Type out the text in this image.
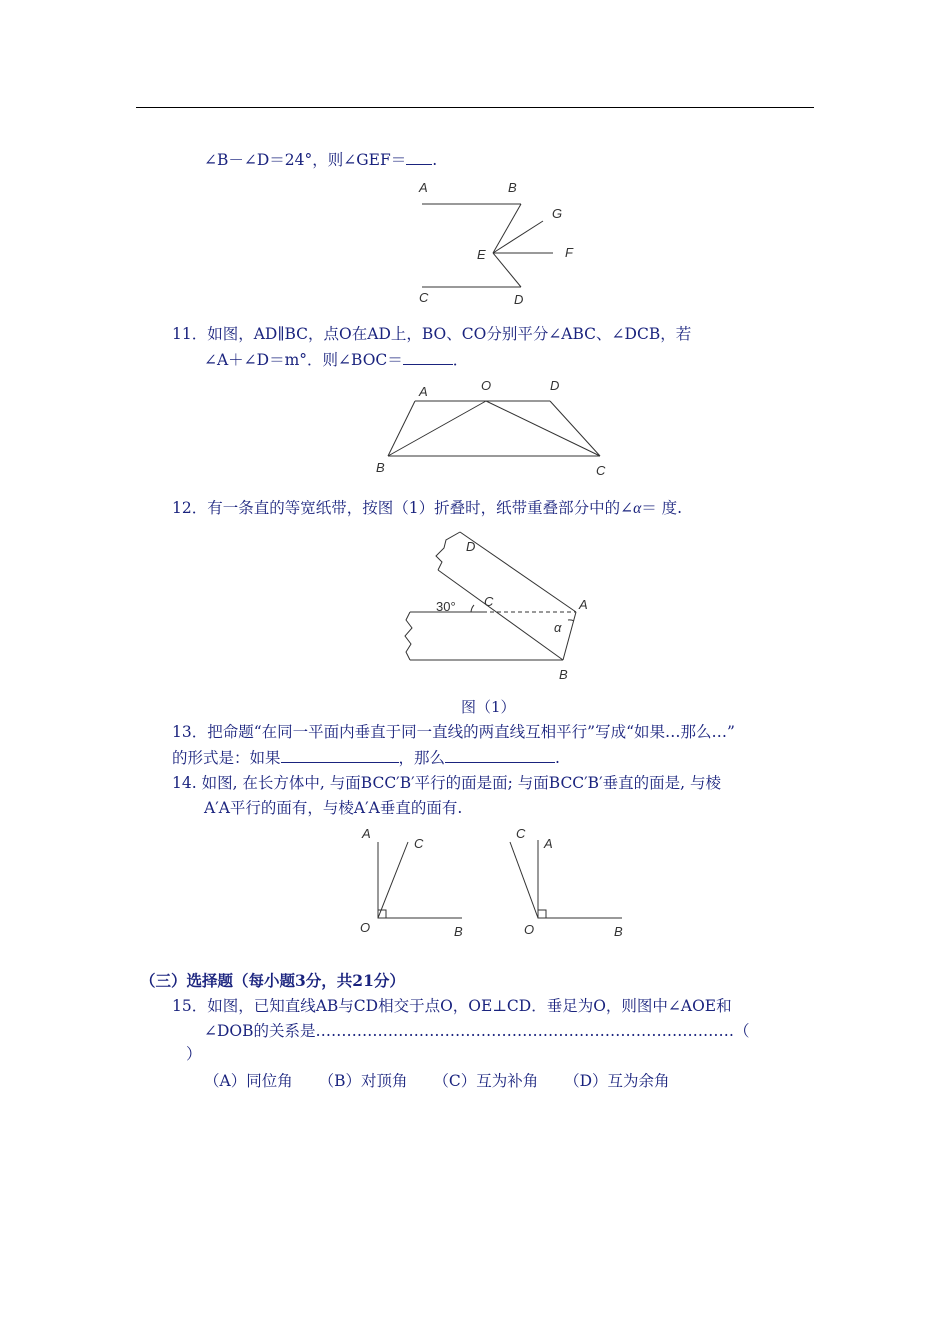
∠B－∠D＝24°，则∠GEF＝ .
A	B
G
E	F
C	D
11．如图，AD∥BC，点O在AD上，BO、CO分别平分∠ABC、∠DCB，若
∠A＋∠D＝m°．则∠BOC＝	．
A	O	D
B	C
12．有一条直的等宽纸带，按图（1）折叠时，纸带重叠部分中的∠α＝ 度.
D
C	A
B
30°
α
图（1）
13．把命题“在同一平面内垂直于同一直线的两直线互相平行”写成“如果…那么…”
的形式是：如果	，那么	.
14. 如图, 在长方体中, 与面BCC′B′平行的面是面; 与面BCC′B′垂直的面是, 与棱
A′A平行的面有，与棱A′A垂直的面有.
A
C
O	B
C
A
O	B
（三）选择题（每小题3分，共21分）
15．如图，已知直线AB与CD相交于点O，OE⊥CD．垂足为O，则图中∠AOE和
∠DOB的关系是………………………………………………………………………（
）
（A）同位角 （B）对顶角 （C）互为补角 （D）互为余角
